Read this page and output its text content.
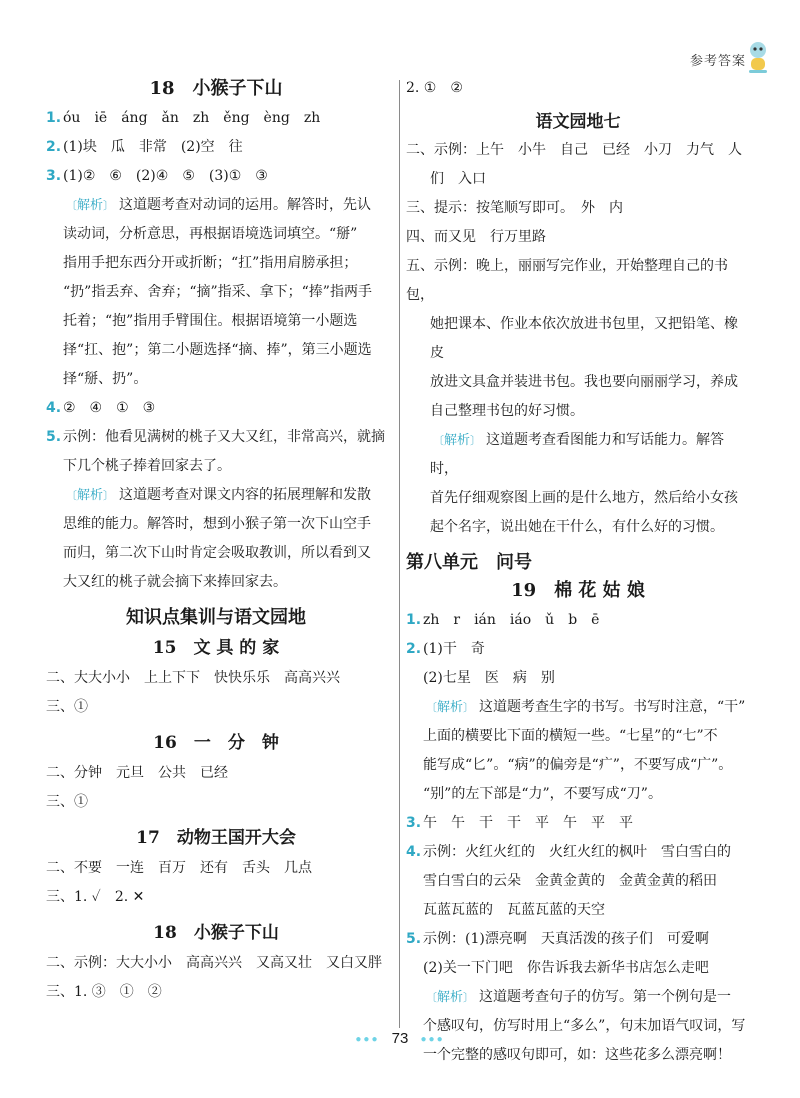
参考答案
18　小猴子下山
1. óu　iē　áng　ǎn　zh　ěng　èng　zh
2. (1)块　瓜　非常　(2)空　往
3. (1)②　⑥　(2)④　⑤　(3)①　③
〔 解析 〕 这道题考查对动词的运用。解答时，先认
读动词，分析意思，再根据语境选词填空。“掰”
指用手把东西分开或折断；“扛”指用肩膀承担；
“扔”指丢弃、舍弃；“摘”指采、拿下；“捧”指两手
托着；“抱”指用手臂围住。根据语境第一小题选
择“扛、抱”；第二小题选择“摘、捧”，第三小题选
择“掰、扔”。
4. ②　④　①　③
5. 示例：他看见满树的桃子又大又红，非常高兴，就摘
下几个桃子捧着回家去了。
〔 解析 〕 这道题考查对课文内容的拓展理解和发散
思维的能力。解答时，想到小猴子第一次下山空手
而归，第二次下山时肯定会吸取教训，所以看到又
大又红的桃子就会摘下来捧回家去。
知识点集训与语文园地
15　文 具 的 家
二、大大小小　上上下下　快快乐乐　高高兴兴
三、①
16　一　分　钟
二、分钟　元旦　公共　已经
三、①
17　动物王国开大会
二、不要　一连　百万　还有　舌头　几点
三、1. ✓　2. ✕
18　小猴子下山
二、示例：大大小小　高高兴兴　又高又壮　又白又胖
三、1. ③　①　②
2. ①　②
语文园地七
二、示例：上午　小牛　自己　已经　小刀　力气　人
们　入口
三、提示：按笔顺写即可。　外　内
四、而又见　行万里路
五、示例：晚上，丽丽写完作业，开始整理自己的书包，
她把课本、作业本依次放进书包里，又把铅笔、橡皮
放进文具盒并装进书包。我也要向丽丽学习，养成
自己整理书包的好习惯。
〔 解析 〕 这道题考查看图能力和写话能力。解答时，
首先仔细观察图上画的是什么地方，然后给小女孩
起个名字，说出她在干什么，有什么好的习惯。
第八单元　问号
19　棉 花 姑 娘
1. zh　r　ián　iáo　ǔ　b　ē
2. (1)干　奇
(2)七星　医　病　别
〔 解析 〕 这道题考查生字的书写。书写时注意，“干”
上面的横要比下面的横短一些。“七星”的“七”不
能写成“匕”。“病”的偏旁是“疒”，不要写成“广”。
“别”的左下部是“力”，不要写成“刀”。
3. 午　午　干　干　平　午　平　平
4. 示例：火红火红的　火红火红的枫叶　雪白雪白的
雪白雪白的云朵　金黄金黄的　金黄金黄的稻田
瓦蓝瓦蓝的　瓦蓝瓦蓝的天空
5. 示例：(1)漂亮啊　天真活泼的孩子们　可爱啊
(2)关一下门吧　你告诉我去新华书店怎么走吧
〔 解析 〕 这道题考查句子的仿写。第一个例句是一
个感叹句，仿写时用上“多么”，句末加语气叹词，写
一个完整的感叹句即可，如：这些花多么漂亮啊！
●●● 73 ●●●
